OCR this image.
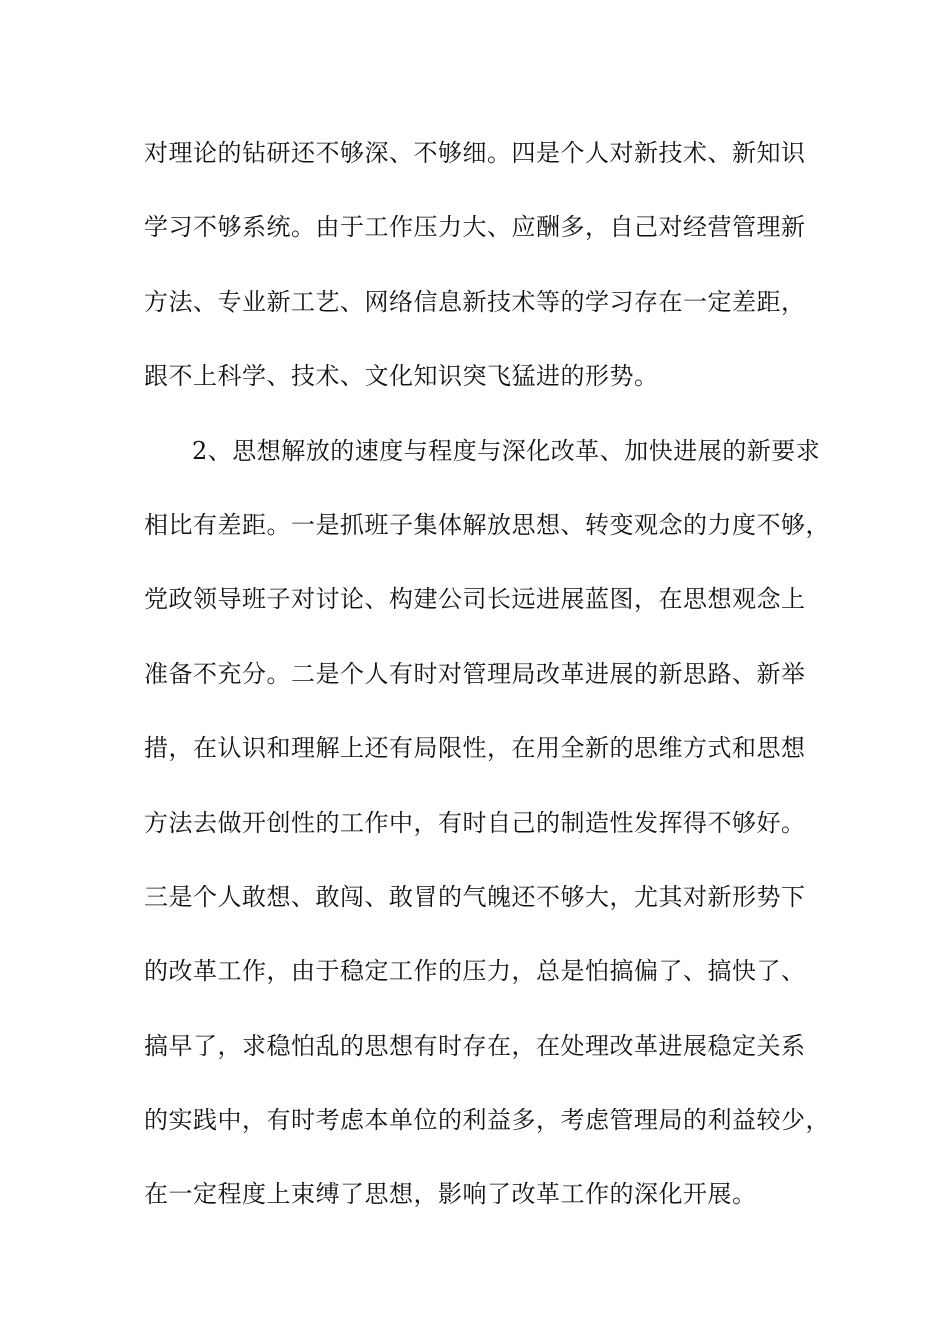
对理论的钻研还不够深、不够细。四是个人对新技术、新知识
学习不够系统。由于工作压力大、应酬多，自己对经营管理新
方法、专业新工艺、网络信息新技术等的学习存在一定差距，
跟不上科学、技术、文化知识突飞猛进的形势。
2、思想解放的速度与程度与深化改革、加快进展的新要求
相比有差距。一是抓班子集体解放思想、转变观念的力度不够，
党政领导班子对讨论、构建公司长远进展蓝图，在思想观念上
准备不充分。二是个人有时对管理局改革进展的新思路、新举
措，在认识和理解上还有局限性，在用全新的思维方式和思想
方法去做开创性的工作中，有时自己的制造性发挥得不够好。
三是个人敢想、敢闯、敢冒的气魄还不够大，尤其对新形势下
的改革工作，由于稳定工作的压力，总是怕搞偏了、搞快了、
搞早了，求稳怕乱的思想有时存在，在处理改革进展稳定关系
的实践中，有时考虑本单位的利益多，考虑管理局的利益较少，
在一定程度上束缚了思想，影响了改革工作的深化开展。
